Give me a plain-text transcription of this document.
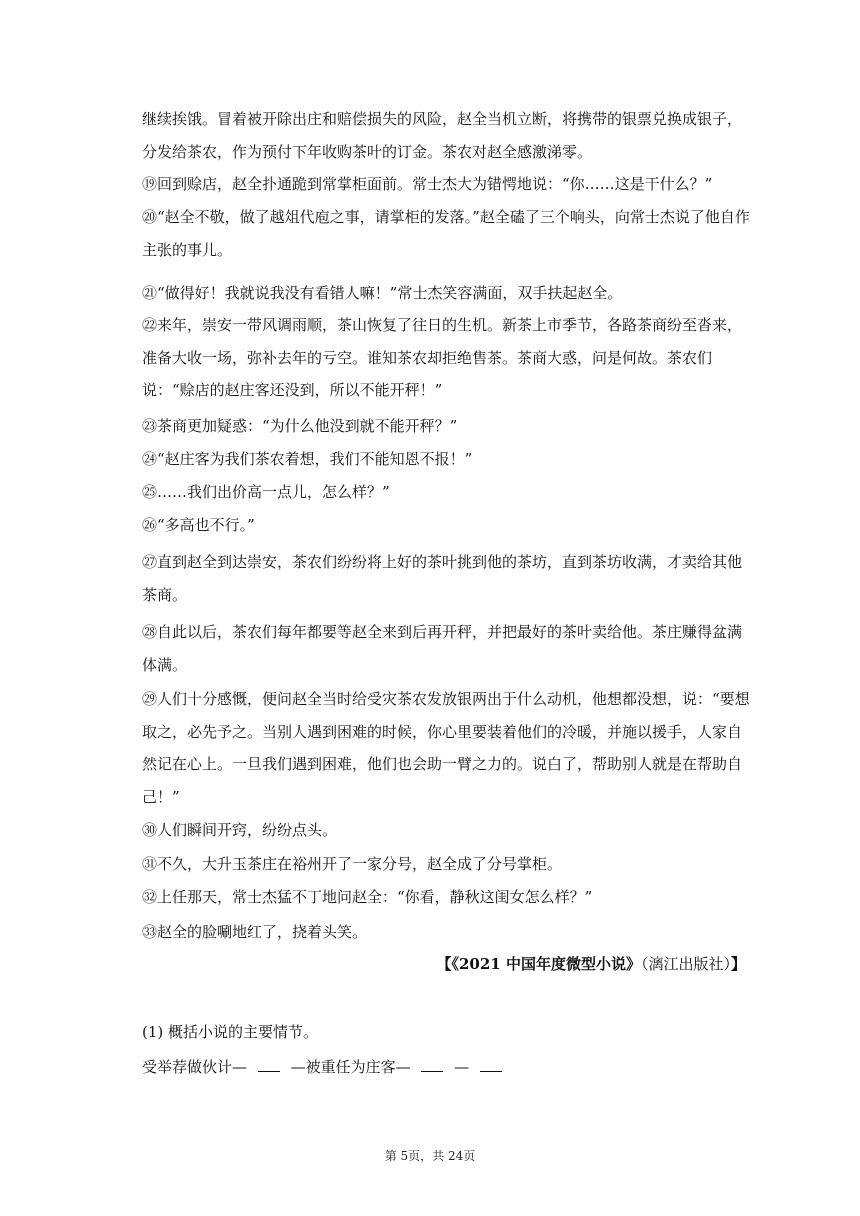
继续挨饿。冒着被开除出庄和赔偿损失的风险，赵全当机立断，将携带的银票兑换成银子，分发给茶农，作为预付下年收购茶叶的订金。茶农对赵全感激涕零。

⑲回到赊店，赵全扑通跪到常掌柜面前。常士杰大为错愕地说：“你……这是干什么？”

⑳“赵全不敬，做了越俎代庖之事，请掌柜的发落。”赵全磕了三个响头，向常士杰说了他自作主张的事儿。

㉑“做得好！我就说我没有看错人嘛！”常士杰笑容满面，双手扶起赵全。

㉒来年，崇安一带风调雨顺，茶山恢复了往日的生机。新茶上市季节，各路茶商纷至沓来，准备大收一场，弥补去年的亏空。谁知茶农却拒绝售茶。茶商大惑，问是何故。茶农们说：“赊店的赵庄客还没到，所以不能开秤！”

㉓茶商更加疑惑：“为什么他没到就不能开秤？”

㉔“赵庄客为我们茶农着想，我们不能知恩不报！”

㉕……我们出价高一点儿，怎么样？”

㉖“多高也不行。”

㉗直到赵全到达崇安，茶农们纷纷将上好的茶叶挑到他的茶坊，直到茶坊收满，才卖给其他茶商。

㉘自此以后，茶农们每年都要等赵全来到后再开秤，并把最好的茶叶卖给他。茶庄赚得盆满体满。

㉙人们十分感慨，便问赵全当时给受灾茶农发放银两出于什么动机，他想都没想，说：“要想取之，必先予之。当别人遇到困难的时候，你心里要装着他们的冷暖，并施以援手，人家自然记在心上。一旦我们遇到困难，他们也会助一臂之力的。说白了，帮助别人就是在帮助自己！”

㉚人们瞬间开窍，纷纷点头。

㉛不久，大升玉茶庄在裕州开了一家分号，赵全成了分号掌柜。

㉜上任那天，常士杰猛不丁地问赵全：“你看，静秋这闺女怎么样？”

㉝赵全的脸唰地红了，挠着头笑。

【《2021 中国年度微型小说》（漓江出版社）】
(1) 概括小说的主要情节。
受举荐做伙计—	—被重任为庄客—	—
第 5页，共 24页
